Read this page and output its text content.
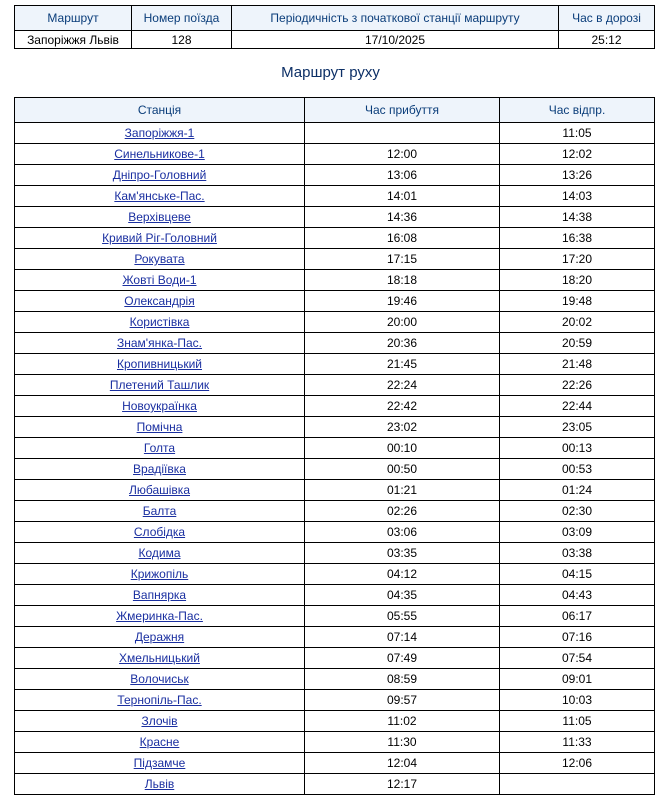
Маршрут	Номер поїзда	Періодичність з початкової станції маршруту	Час в дорозі
Запоріжжя Львів	128	17/10/2025	25:12
Маршрут руху
Станція	Час прибуття	Час відпр.
Запоріжжя-1		11:05
Синельникове-1	12:00	12:02
Дніпро-Головний	13:06	13:26
Кам'янське-Пас.	14:01	14:03
Верхівцеве	14:36	14:38
Кривий Ріг-Головний	16:08	16:38
Рокувата	17:15	17:20
Жовті Води-1	18:18	18:20
Олександрія	19:46	19:48
Користівка	20:00	20:02
Знам'янка-Пас.	20:36	20:59
Кропивницький	21:45	21:48
Плетений Ташлик	22:24	22:26
Новоукраїнка	22:42	22:44
Помічна	23:02	23:05
Голта	00:10	00:13
Врадіївка	00:50	00:53
Любашівка	01:21	01:24
Балта	02:26	02:30
Слобідка	03:06	03:09
Кодима	03:35	03:38
Крижопіль	04:12	04:15
Вапнярка	04:35	04:43
Жмеринка-Пас.	05:55	06:17
Деражня	07:14	07:16
Хмельницький	07:49	07:54
Волочиськ	08:59	09:01
Тернопіль-Пас.	09:57	10:03
Злочів	11:02	11:05
Красне	11:30	11:33
Підзамче	12:04	12:06
Львів	12:17	
